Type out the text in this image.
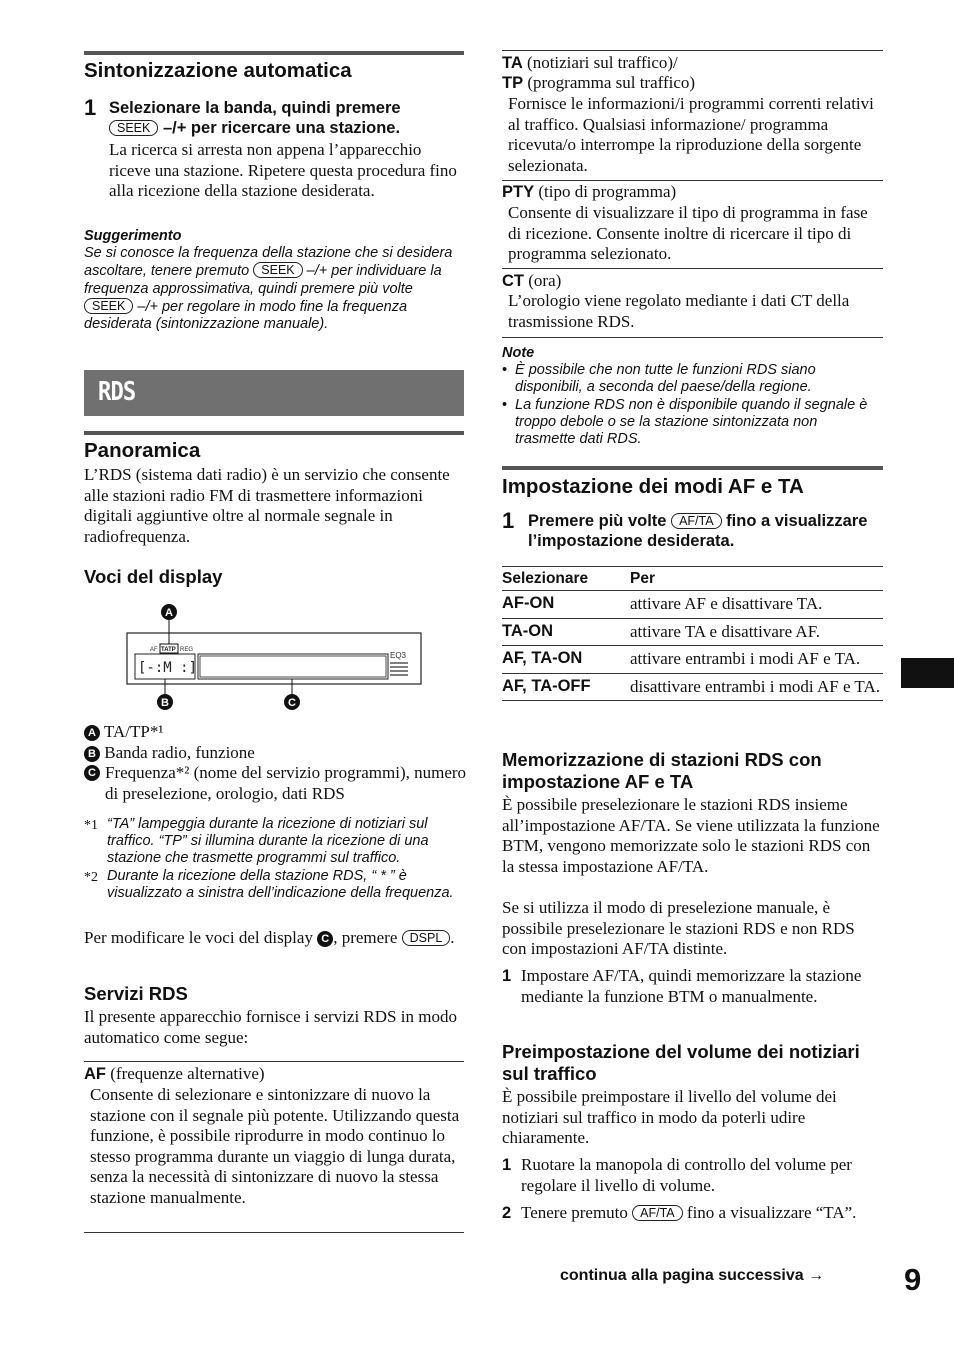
Sintonizzazione automatica
1 Selezionare la banda, quindi premere
SEEK –/+ per ricercare una stazione.
La ricerca si arresta non appena l’apparecchio riceve una stazione. Ripetere questa procedura fino alla ricezione della stazione desiderata.
Suggerimento
Se si conosce la frequenza della stazione che si desidera ascoltare, tenere premuto SEEK –/+ per individuare la frequenza approssimativa, quindi premere più volte SEEK –/+ per regolare in modo fine la frequenza desiderata (sintonizzazione manuale).
RDS
Panoramica
L’RDS (sistema dati radio) è un servizio che consente alle stazioni radio FM di trasmettere informazioni digitali aggiuntive oltre al normale segnale in radiofrequenza.
Voci del display
[-:M :]
AF TATP REG
EQ3
A
B	C
A TA/TP*¹
B Banda radio, funzione
C Frequenza*² (nome del servizio programmi), numero di preselezione, orologio, dati RDS
*1 “TA” lampeggia durante la ricezione di notiziari sul traffico. “TP” si illumina durante la ricezione di una stazione che trasmette programmi sul traffico.
*2 Durante la ricezione della stazione RDS, “ * ” è visualizzato a sinistra dell’indicazione della frequenza.
Per modificare le voci del display C , premere DSPL .
Servizi RDS
Il presente apparecchio fornisce i servizi RDS in modo automatico come segue:
AF (frequenze alternative)
Consente di selezionare e sintonizzare di nuovo la stazione con il segnale più potente. Utilizzando questa funzione, è possibile riprodurre in modo continuo lo stesso programma durante un viaggio di lunga durata, senza la necessità di sintonizzare di nuovo la stessa stazione manualmente.
TA (notiziari sul traffico)/
TP (programma sul traffico)
Fornisce le informazioni/i programmi correnti relativi al traffico. Qualsiasi informazione/ programma ricevuta/o interrompe la riproduzione della sorgente selezionata.
PTY (tipo di programma)
Consente di visualizzare il tipo di programma in fase di ricezione. Consente inoltre di ricercare il tipo di programma selezionato.
CT (ora)
L’orologio viene regolato mediante i dati CT della trasmissione RDS.
Note
• È possibile che non tutte le funzioni RDS siano disponibili, a seconda del paese/della regione.
• La funzione RDS non è disponibile quando il segnale è troppo debole o se la stazione sintonizzata non trasmette dati RDS.
Impostazione dei modi AF e TA
1 Premere più volte AF/TA fino a visualizzare l’impostazione desiderata.
Selezionare	Per
AF-ON	attivare AF e disattivare TA.
TA-ON	attivare TA e disattivare AF.
AF, TA-ON	attivare entrambi i modi AF e TA.
AF, TA-OFF	disattivare entrambi i modi AF e TA.
Memorizzazione di stazioni RDS con impostazione AF e TA
È possibile preselezionare le stazioni RDS insieme all’impostazione AF/TA. Se viene utilizzata la funzione BTM, vengono memorizzate solo le stazioni RDS con la stessa impostazione AF/TA.
Se si utilizza il modo di preselezione manuale, è possibile preselezionare le stazioni RDS e non RDS con impostazioni AF/TA distinte.
1 Impostare AF/TA, quindi memorizzare la stazione mediante la funzione BTM o manualmente.
Preimpostazione del volume dei notiziari sul traffico
È possibile preimpostare il livello del volume dei notiziari sul traffico in modo da poterli udire chiaramente.
1 Ruotare la manopola di controllo del volume per regolare il livello di volume.
2 Tenere premuto AF/TA fino a visualizzare “TA”.
continua alla pagina successiva →	9
